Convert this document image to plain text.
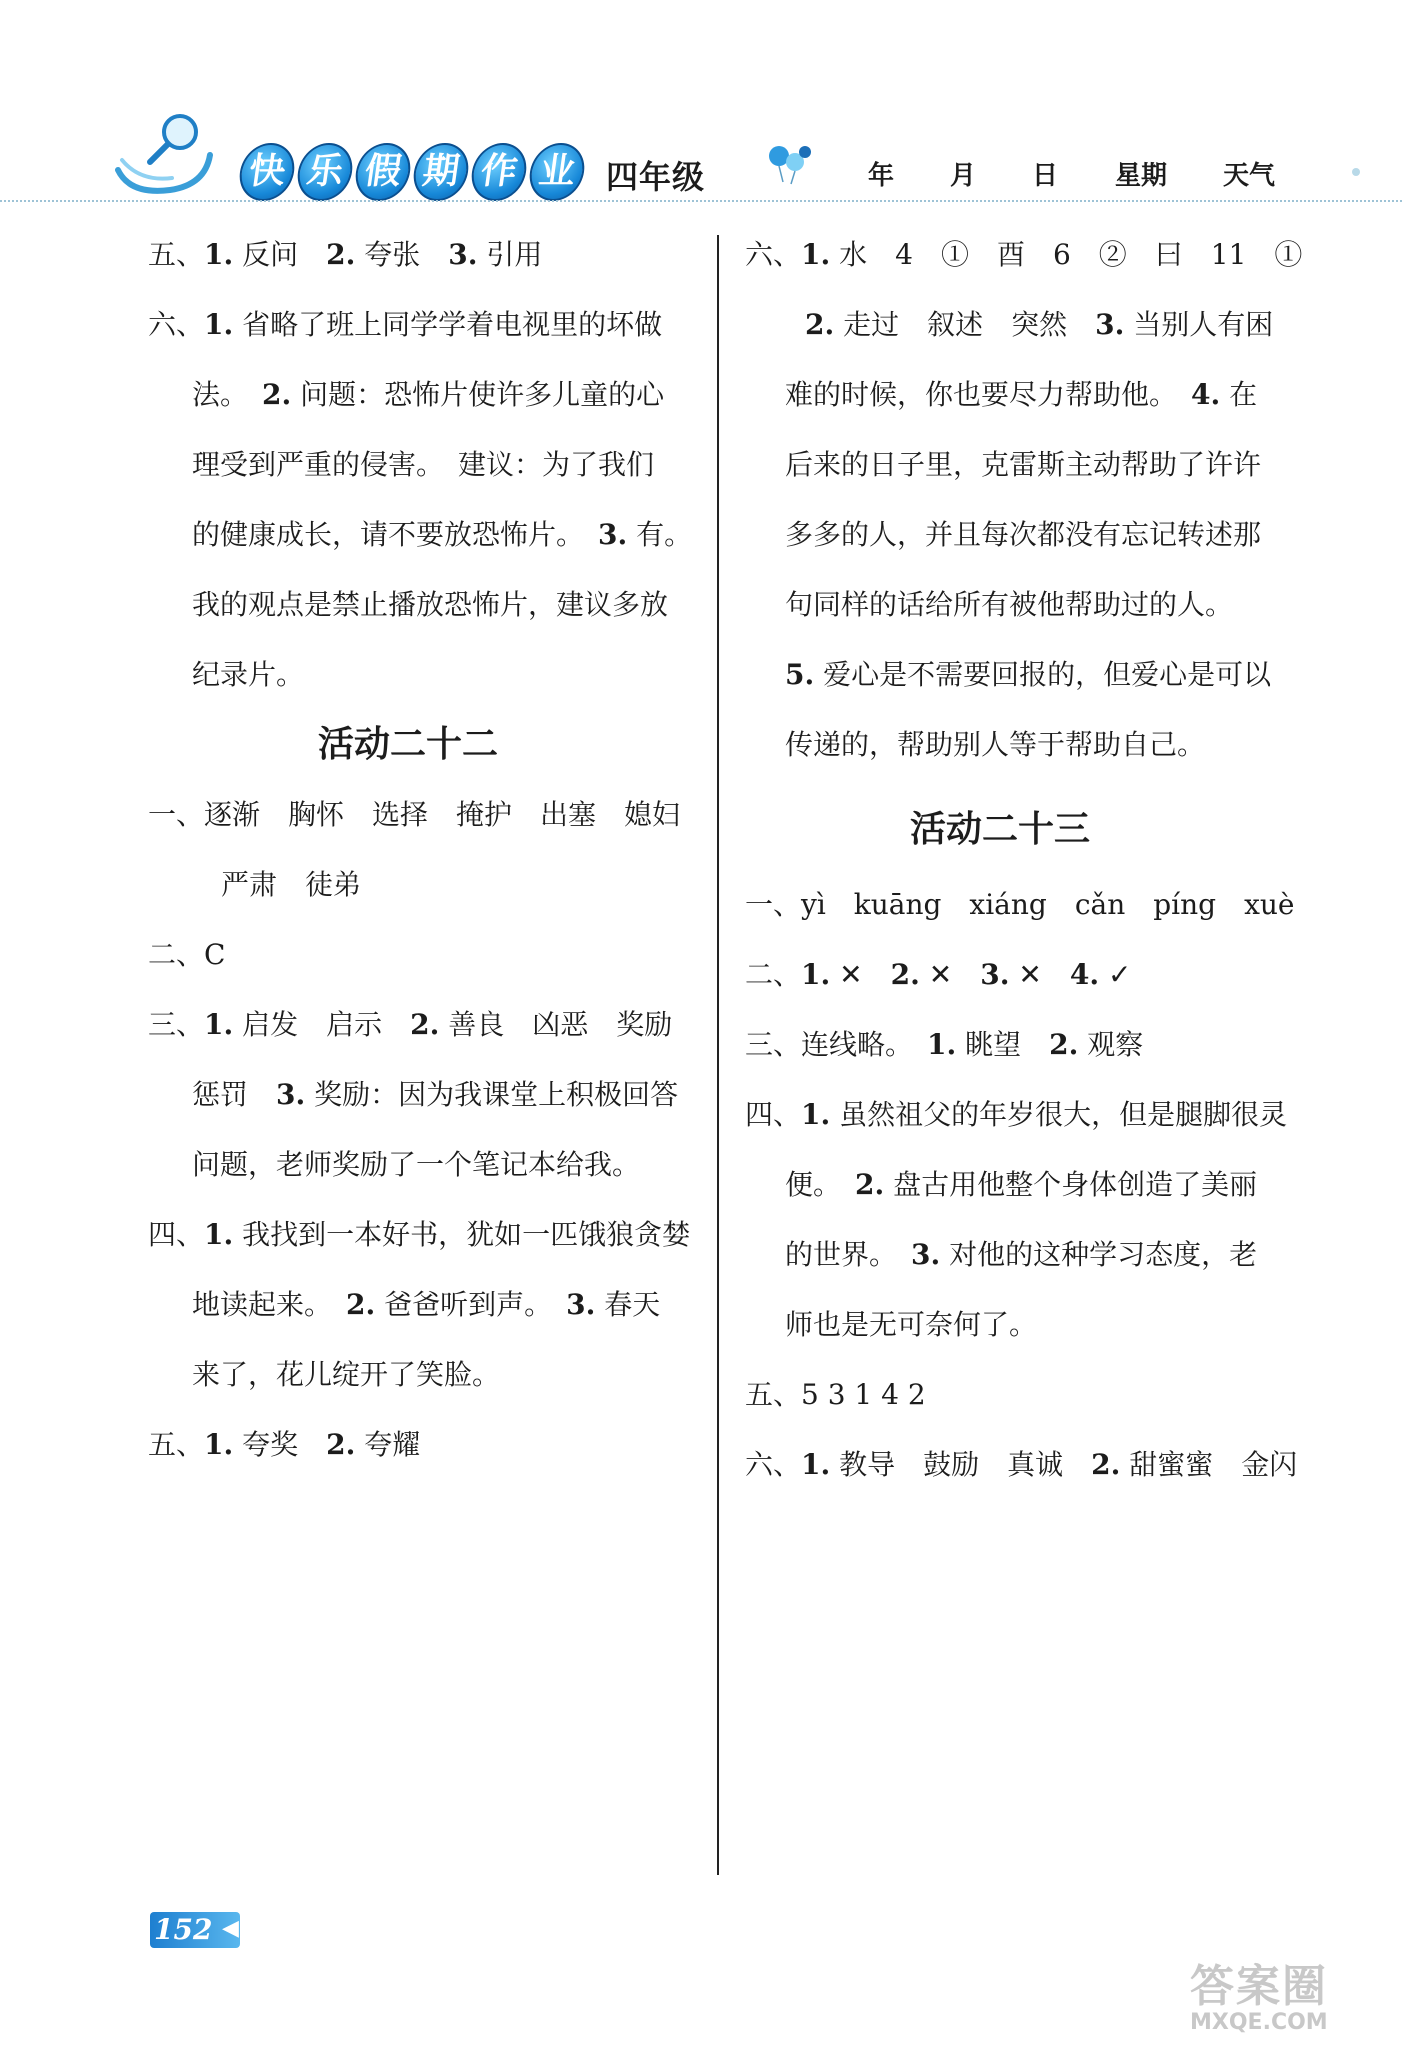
快 乐 假 期 作 业 四年级	年 月 日 星期 天气
五、1. 反问　2. 夸张　3. 引用
六、1. 省略了班上同学学着电视里的坏做
法。　2. 问题：恐怖片使许多儿童的心
理受到严重的侵害。　建议：为了我们
的健康成长，请不要放恐怖片。　3. 有。
我的观点是禁止播放恐怖片，建议多放
纪录片。
活动二十二
一、逐渐　胸怀　选择　掩护　出塞　媳妇
严肃　徒弟
二、C
三、1. 启发　启示　2. 善良　凶恶　奖励
惩罚　3. 奖励：因为我课堂上积极回答
问题，老师奖励了一个笔记本给我。
四、1. 我找到一本好书，犹如一匹饿狼贪婪
地读起来。　2. 爸爸听到声。　3. 春天
来了，花儿绽开了笑脸。
五、1. 夸奖　2. 夸耀
六、1. 水　4　①　酉　6　②　曰　11　①
2. 走过　叙述　突然　3. 当别人有困
难的时候，你也要尽力帮助他。　4. 在
后来的日子里，克雷斯主动帮助了许许
多多的人，并且每次都没有忘记转述那
句同样的话给所有被他帮助过的人。
5. 爱心是不需要回报的，但爱心是可以
传递的，帮助别人等于帮助自己。
活动二十三
一、yì　kuāng　xiáng　cǎn　píng　xuè
二、1. ✕　2. ✕　3. ✕　4. ✓
三、连线略。　1. 眺望　2. 观察
四、1. 虽然祖父的年岁很大，但是腿脚很灵
便。　2. 盘古用他整个身体创造了美丽
的世界。　3. 对他的这种学习态度，老
师也是无可奈何了。
五、5 3 1 4 2
六、1. 教导　鼓励　真诚　2. 甜蜜蜜　金闪
152 ◀
答案圈
MXQE.COM
